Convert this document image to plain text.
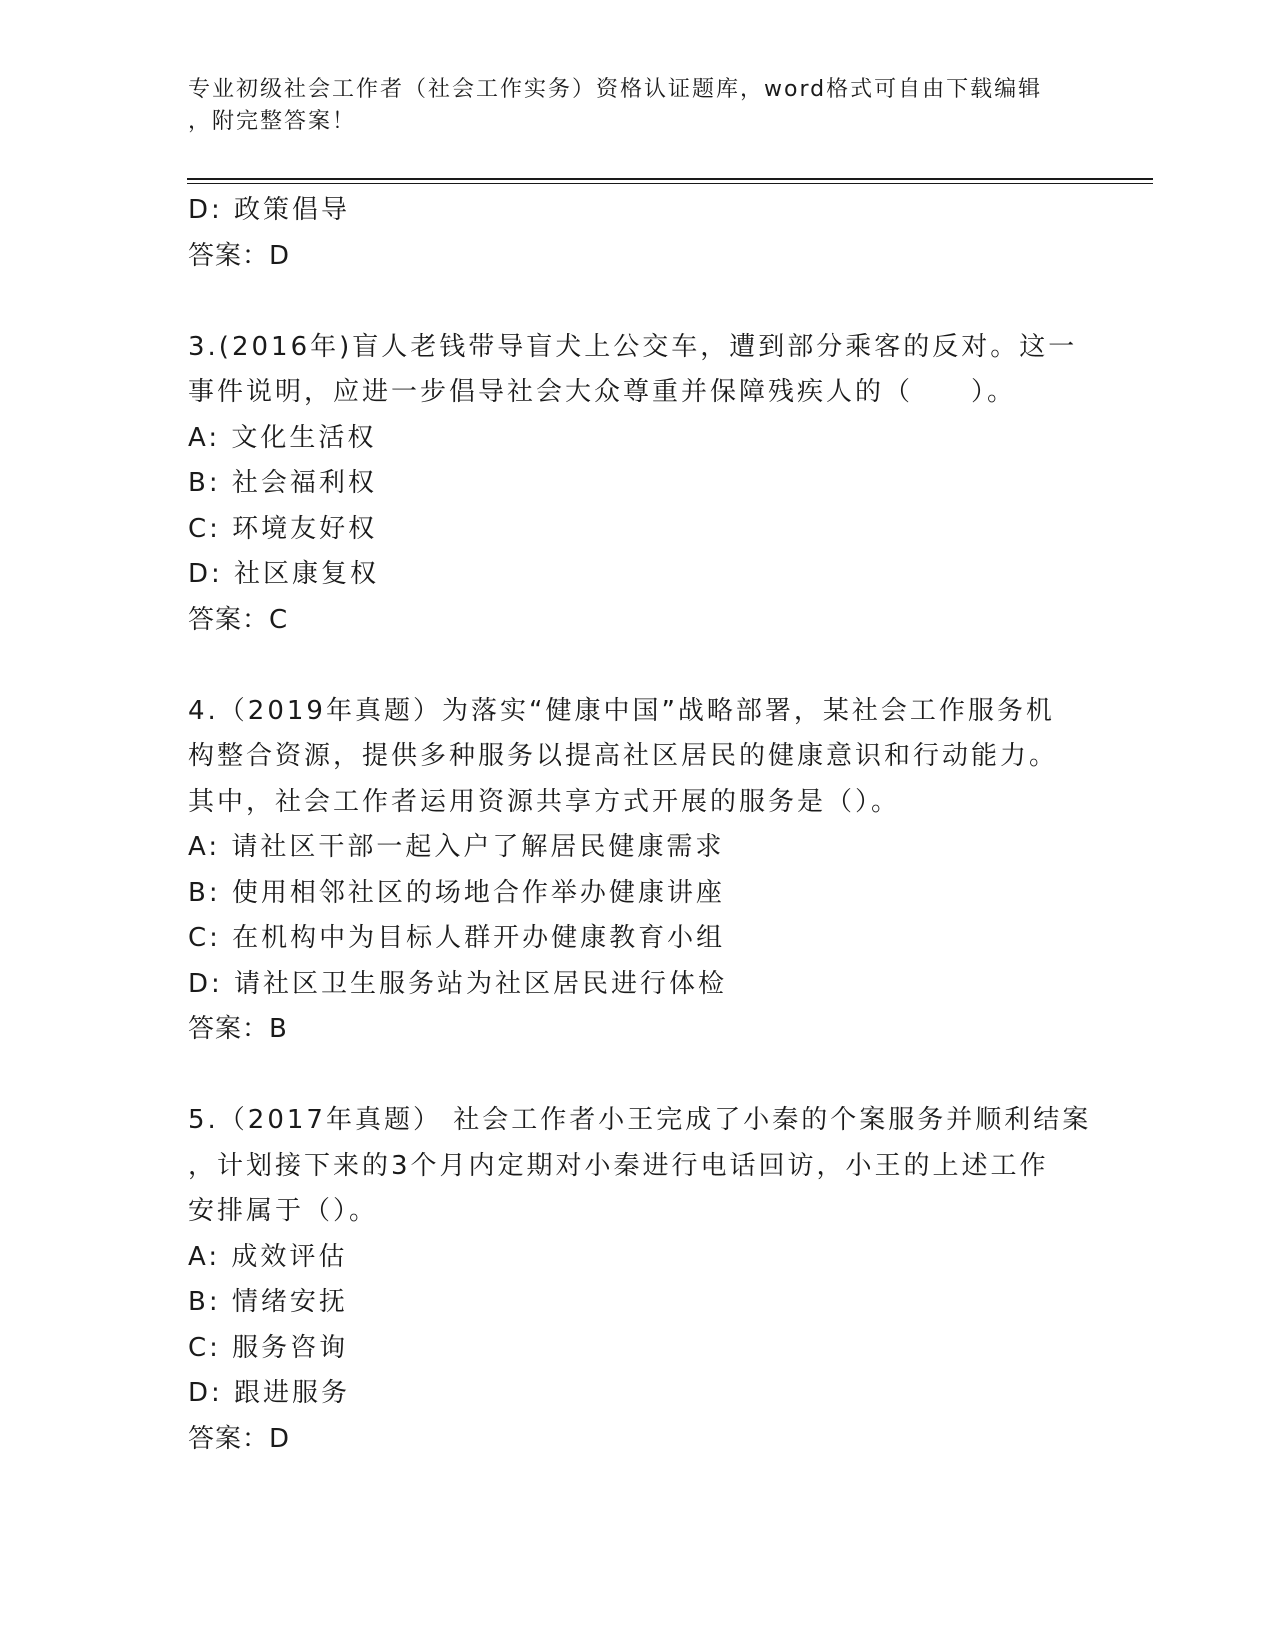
专业初级社会工作者（社会工作实务）资格认证题库，word格式可自由下载编辑
，附完整答案！
D: 政策倡导
答案：D
3.(2016年)盲人老钱带导盲犬上公交车，遭到部分乘客的反对。这一
事件说明，应进一步倡导社会大众尊重并保障残疾人的（　　）。
A: 文化生活权
B: 社会福利权
C: 环境友好权
D: 社区康复权
答案：C
4.（2019年真题）为落实“健康中国”战略部署，某社会工作服务机
构整合资源，提供多种服务以提高社区居民的健康意识和行动能力。
其中，社会工作者运用资源共享方式开展的服务是（）。
A: 请社区干部一起入户了解居民健康需求
B: 使用相邻社区的场地合作举办健康讲座
C: 在机构中为目标人群开办健康教育小组
D: 请社区卫生服务站为社区居民进行体检
答案：B
5.（2017年真题） 社会工作者小王完成了小秦的个案服务并顺利结案
，计划接下来的3个月内定期对小秦进行电话回访，小王的上述工作
安排属于（）。
A: 成效评估
B: 情绪安抚
C: 服务咨询
D: 跟进服务
答案：D
